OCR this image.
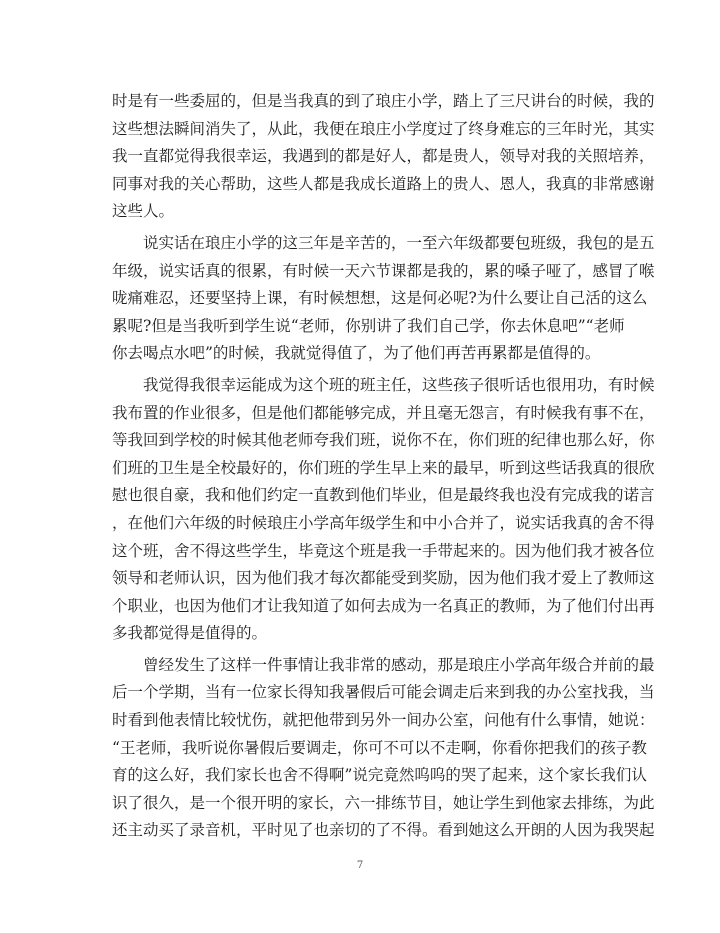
时是有一些委屈的，但是当我真的到了琅庄小学，踏上了三尺讲台的时候，我的
这些想法瞬间消失了，从此，我便在琅庄小学度过了终身难忘的三年时光，其实
我一直都觉得我很幸运，我遇到的都是好人，都是贵人，领导对我的关照培养，
同事对我的关心帮助，这些人都是我成长道路上的贵人、恩人，我真的非常感谢
这些人。
　　说实话在琅庄小学的这三年是辛苦的，一至六年级都要包班级，我包的是五
年级，说实话真的很累，有时候一天六节课都是我的，累的嗓子哑了，感冒了喉
咙痛难忍，还要坚持上课，有时候想想，这是何必呢?为什么要让自己活的这么
累呢?但是当我听到学生说“老师，你别讲了我们自己学，你去休息吧”“老师
你去喝点水吧”的时候，我就觉得值了，为了他们再苦再累都是值得的。
　　我觉得我很幸运能成为这个班的班主任，这些孩子很听话也很用功，有时候
我布置的作业很多，但是他们都能够完成，并且毫无怨言，有时候我有事不在，
等我回到学校的时候其他老师夸我们班，说你不在，你们班的纪律也那么好，你
们班的卫生是全校最好的，你们班的学生早上来的最早，听到这些话我真的很欣
慰也很自豪，我和他们约定一直教到他们毕业，但是最终我也没有完成我的诺言
，在他们六年级的时候琅庄小学高年级学生和中小合并了，说实话我真的舍不得
这个班，舍不得这些学生，毕竟这个班是我一手带起来的。因为他们我才被各位
领导和老师认识，因为他们我才每次都能受到奖励，因为他们我才爱上了教师这
个职业，也因为他们才让我知道了如何去成为一名真正的教师，为了他们付出再
多我都觉得是值得的。
　　曾经发生了这样一件事情让我非常的感动，那是琅庄小学高年级合并前的最
后一个学期，当有一位家长得知我暑假后可能会调走后来到我的办公室找我，当
时看到他表情比较忧伤，就把他带到另外一间办公室，问他有什么事情，她说：
“王老师，我听说你暑假后要调走，你可不可以不走啊，你看你把我们的孩子教
育的这么好，我们家长也舍不得啊”说完竟然呜呜的哭了起来，这个家长我们认
识了很久，是一个很开明的家长，六一排练节目，她让学生到他家去排练，为此
还主动买了录音机，平时见了也亲切的了不得。看到她这么开朗的人因为我哭起
7
